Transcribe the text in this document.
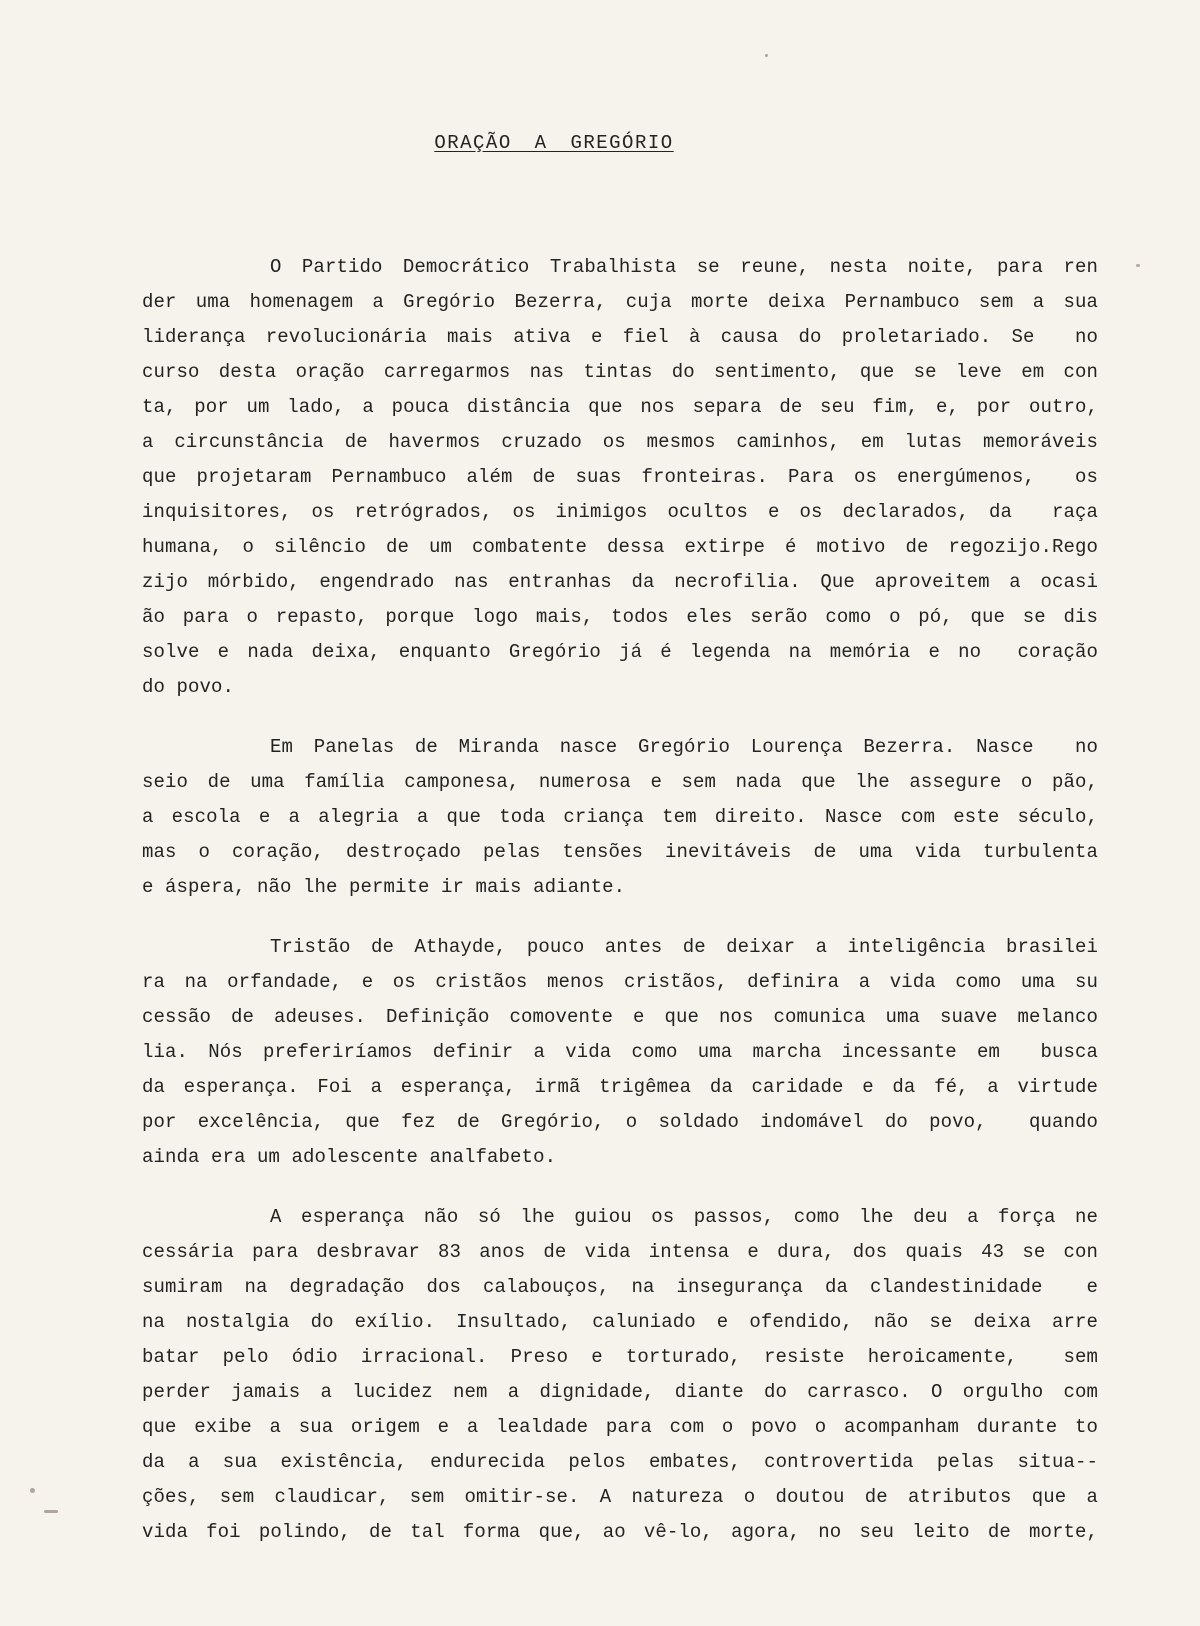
ORAÇÃO A GREGÓRIO
O Partido Democrático Trabalhista se reune, nesta noite, para ren
der uma homenagem a Gregório Bezerra, cuja morte deixa Pernambuco sem a sua
liderança revolucionária mais ativa e fiel à causa do proletariado. Se  no
curso desta oração carregarmos nas tintas do sentimento, que se leve em con
ta, por um lado, a pouca distância que nos separa de seu fim, e, por outro,
a circunstância de havermos cruzado os mesmos caminhos, em lutas memoráveis
que projetaram Pernambuco além de suas fronteiras. Para os energúmenos,  os
inquisitores, os retrógrados, os inimigos ocultos e os declarados, da  raça
humana, o silêncio de um combatente dessa extirpe é motivo de regozijo.Rego
zijo mórbido, engendrado nas entranhas da necrofilia. Que aproveitem a ocasi
ão para o repasto, porque logo mais, todos eles serão como o pó, que se dis
solve e nada deixa, enquanto Gregório já é legenda na memória e no  coração
do povo.
Em Panelas de Miranda nasce Gregório Lourença Bezerra. Nasce  no
seio de uma família camponesa, numerosa e sem nada que lhe assegure o pão,
a escola e a alegria a que toda criança tem direito. Nasce com este século,
mas o coração, destroçado pelas tensões inevitáveis de uma vida turbulenta
e áspera, não lhe permite ir mais adiante.
Tristão de Athayde, pouco antes de deixar a inteligência brasilei
ra na orfandade, e os cristãos menos cristãos, definira a vida como uma su
cessão de adeuses. Definição comovente e que nos comunica uma suave melanco
lia. Nós preferiríamos definir a vida como uma marcha incessante em  busca
da esperança. Foi a esperança, irmã trigêmea da caridade e da fé, a virtude
por excelência, que fez de Gregório, o soldado indomável do povo,  quando
ainda era um adolescente analfabeto.
A esperança não só lhe guiou os passos, como lhe deu a força ne
cessária para desbravar 83 anos de vida intensa e dura, dos quais 43 se con
sumiram na degradação dos calabouços, na insegurança da clandestinidade  e
na nostalgia do exílio. Insultado, caluniado e ofendido, não se deixa arre
batar pelo ódio irracional. Preso e torturado, resiste heroicamente,  sem
perder jamais a lucidez nem a dignidade, diante do carrasco. O orgulho com
que exibe a sua origem e a lealdade para com o povo o acompanham durante to
da a sua existência, endurecida pelos embates, controvertida pelas situa--
ções, sem claudicar, sem omitir-se. A natureza o doutou de atributos que a
vida foi polindo, de tal forma que, ao vê-lo, agora, no seu leito de morte,
